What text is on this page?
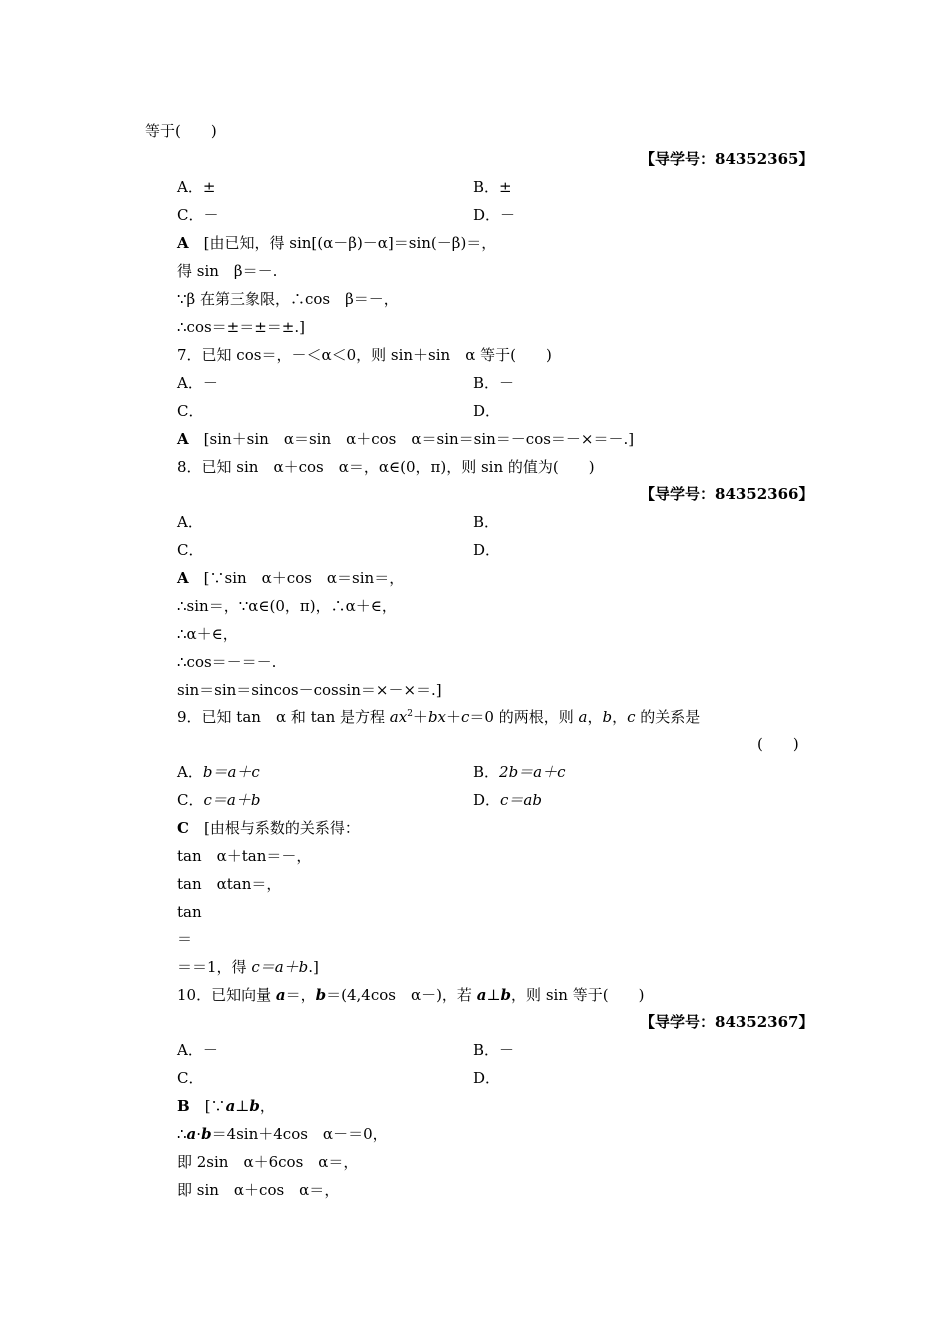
等于(　　)
【导学号：84352365】
A．±	B．±
C．－	D．－
A　 [由已知，得 sin[(α－β)－α]＝sin(－β)＝，
得 sin　β＝－.
∵β 在第三象限，∴cos　β＝－，
∴cos＝±＝±＝±.]
7．已知 cos＝，－＜α＜0，则 sin＋sin　α 等于(　　)
A．－	B．－
C．	D．
A　 [sin＋sin　α＝sin　α＋cos　α＝sin＝sin＝－cos＝－×＝－.]
8．已知 sin　α＋cos　α＝，α∈(0，π)，则 sin 的值为(　　)
【导学号：84352366】
A．	B．
C．	D．
A　 [∵sin　α＋cos　α＝sin＝，
∴sin＝，∵α∈(0，π)，∴α＋∈，
∴α＋∈，
∴cos＝－＝－.
sin＝sin＝sincos－cossin＝×－×＝.]
9．已知 tan　α 和 tan 是方程 $ax^2+bx+c=0$ 的两根，则 a，b，c 的关系是
(　　)
A．b＝a＋c	B．2b＝a＋c
C．c＝a＋b	D．c＝ab
C　 [由根与系数的关系得：
tan　α＋tan＝－，
tan　αtan＝，
tan
＝
＝＝1，得 c＝a＋b.]
10．已知向量 a＝，b＝(4,4cos　α－)，若 a⊥b，则 sin 等于(　　)
【导学号：84352367】
A．－	B．－
C．	D．
B　 [∵a⊥b，
∴a·b＝4sin＋4cos　α－＝0，
即 2sin　α＋6cos　α＝，
即 sin　α＋cos　α＝，
